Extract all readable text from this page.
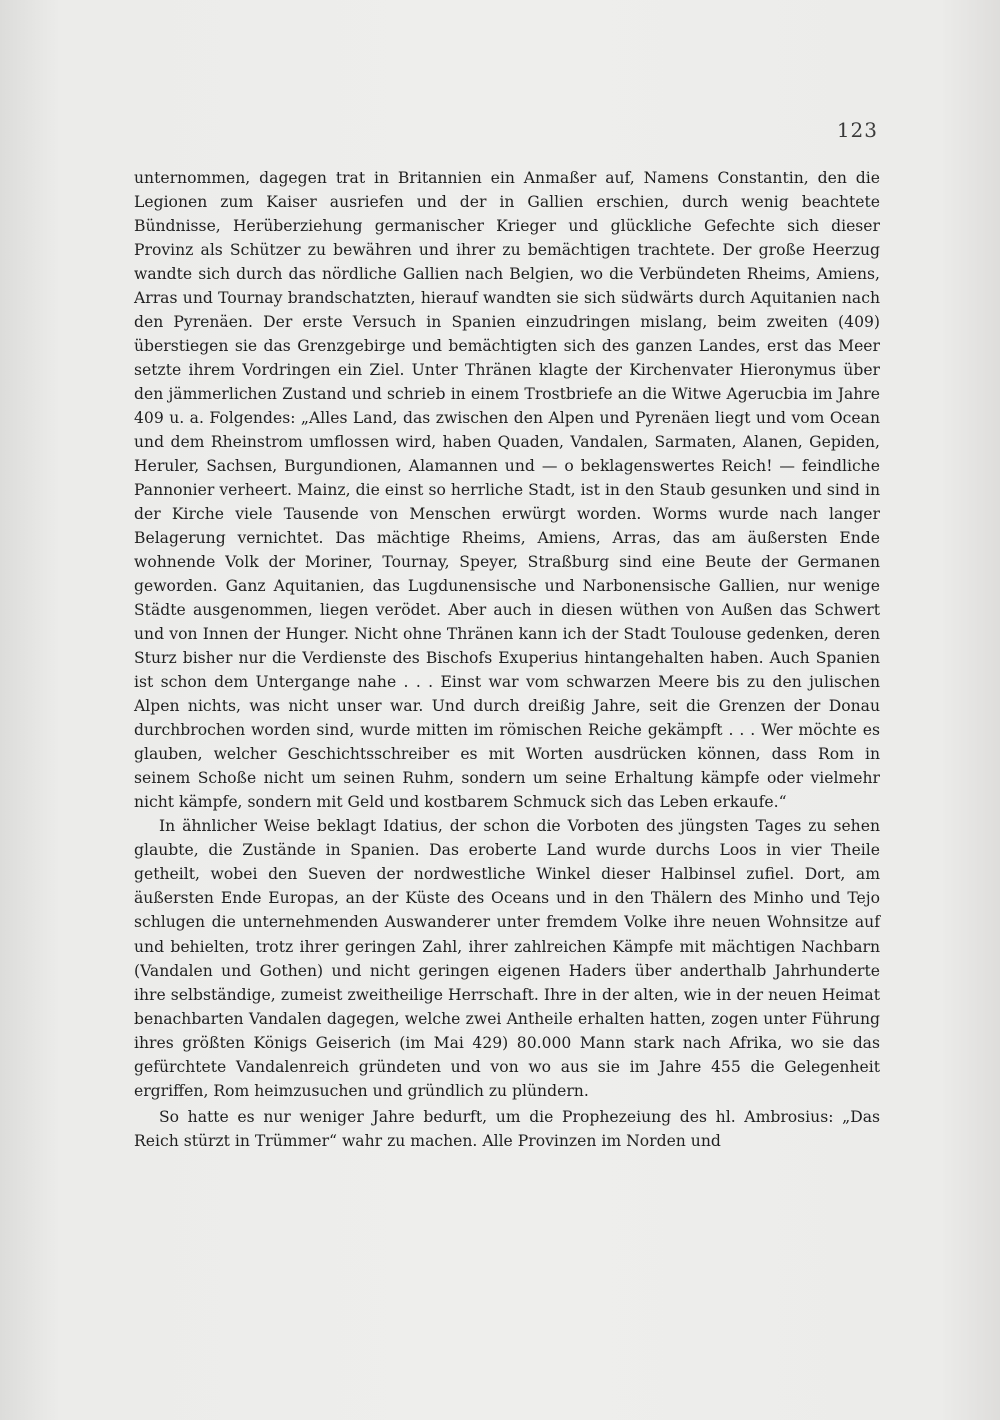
123

unternommen, dagegen trat in Britannien ein Anmaßer auf, Namens Constantin, den die Legionen zum Kaiser ausriefen und der in Gallien erschien, durch wenig beachtete Bündnisse, Herüberziehung germanischer Krieger und glückliche Gefechte sich dieser Provinz als Schützer zu bewähren und ihrer zu bemächtigen trachtete. Der große Heerzug wandte sich durch das nördliche Gallien nach Belgien, wo die Verbündeten Rheims, Amiens, Arras und Tournay brandschatzten, hierauf wandten sie sich südwärts durch Aquitanien nach den Pyrenäen. Der erste Versuch in Spanien einzudringen mislang, beim zweiten (409) überstiegen sie das Grenzgebirge und bemächtigten sich des ganzen Landes, erst das Meer setzte ihrem Vordringen ein Ziel. Unter Thränen klagte der Kirchenvater Hieronymus über den jämmerlichen Zustand und schrieb in einem Trostbriefe an die Witwe Agerucbia im Jahre 409 u. a. Folgendes: „Alles Land, das zwischen den Alpen und Pyrenäen liegt und vom Ocean und dem Rheinstrom umflossen wird, haben Quaden, Vandalen, Sarmaten, Alanen, Gepiden, Heruler, Sachsen, Burgundionen, Alamannen und — o beklagenswertes Reich! — feindliche Pannonier verheert. Mainz, die einst so herrliche Stadt, ist in den Staub gesunken und sind in der Kirche viele Tausende von Menschen erwürgt worden. Worms wurde nach langer Belagerung vernichtet. Das mächtige Rheims, Amiens, Arras, das am äußersten Ende wohnende Volk der Moriner, Tournay, Speyer, Straßburg sind eine Beute der Germanen geworden. Ganz Aquitanien, das Lugdunensische und Narbonensische Gallien, nur wenige Städte ausgenommen, liegen verödet. Aber auch in diesen wüthen von Außen das Schwert und von Innen der Hunger. Nicht ohne Thränen kann ich der Stadt Toulouse gedenken, deren Sturz bisher nur die Verdienste des Bischofs Exuperius hintangehalten haben. Auch Spanien ist schon dem Untergange nahe . . . Einst war vom schwarzen Meere bis zu den julischen Alpen nichts, was nicht unser war. Und durch dreißig Jahre, seit die Grenzen der Donau durchbrochen worden sind, wurde mitten im römischen Reiche gekämpft . . . Wer möchte es glauben, welcher Geschichtsschreiber es mit Worten ausdrücken können, dass Rom in seinem Schoße nicht um seinen Ruhm, sondern um seine Erhaltung kämpfe oder vielmehr nicht kämpfe, sondern mit Geld und kostbarem Schmuck sich das Leben erkaufe.“

In ähnlicher Weise beklagt Idatius, der schon die Vorboten des jüngsten Tages zu sehen glaubte, die Zustände in Spanien. Das eroberte Land wurde durchs Loos in vier Theile getheilt, wobei den Sueven der nordwestliche Winkel dieser Halbinsel zufiel. Dort, am äußersten Ende Europas, an der Küste des Oceans und in den Thälern des Minho und Tejo schlugen die unternehmenden Auswanderer unter fremdem Volke ihre neuen Wohnsitze auf und behielten, trotz ihrer geringen Zahl, ihrer zahlreichen Kämpfe mit mächtigen Nachbarn (Vandalen und Gothen) und nicht geringen eigenen Haders über anderthalb Jahrhunderte ihre selbständige, zumeist zweitheilige Herrschaft. Ihre in der alten, wie in der neuen Heimat benachbarten Vandalen dagegen, welche zwei Antheile erhalten hatten, zogen unter Führung ihres größten Königs Geiserich (im Mai 429) 80.000 Mann stark nach Afrika, wo sie das gefürchtete Vandalenreich gründeten und von wo aus sie im Jahre 455 die Gelegenheit ergriffen, Rom heimzusuchen und gründlich zu plündern.

So hatte es nur weniger Jahre bedurft, um die Prophezeiung des hl. Ambrosius: „Das Reich stürzt in Trümmer“ wahr zu machen. Alle Provinzen im Norden und
